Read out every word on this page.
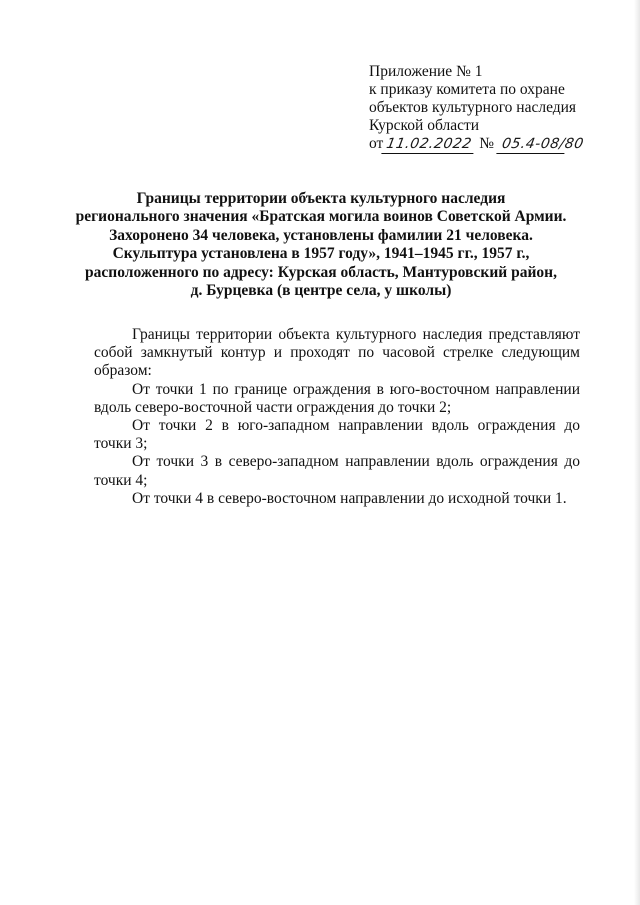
Приложение № 1
к приказу комитета по охране
объектов культурного наследия
Курской области
от 11.02.2022 № 05.4-08/80
Границы территории объекта культурного наследия
регионального значения «Братская могила воинов Советской Армии.
Захоронено 34 человека, установлены фамилии 21 человека.
Скульптура установлена в 1957 году», 1941–1945 гг., 1957 г.,
расположенного по адресу: Курская область, Мантуровский район,
д. Бурцевка (в центре села, у школы)

Границы территории объекта культурного наследия представляют собой замкнутый контур и проходят по часовой стрелке следующим образом:

От точки 1 по границе ограждения в юго-восточном направлении вдоль северо-восточной части ограждения до точки 2;

От точки 2 в юго-западном направлении вдоль ограждения до точки 3;

От точки 3 в северо-западном направлении вдоль ограждения до точки 4;

От точки 4 в северо-восточном направлении до исходной точки 1.
